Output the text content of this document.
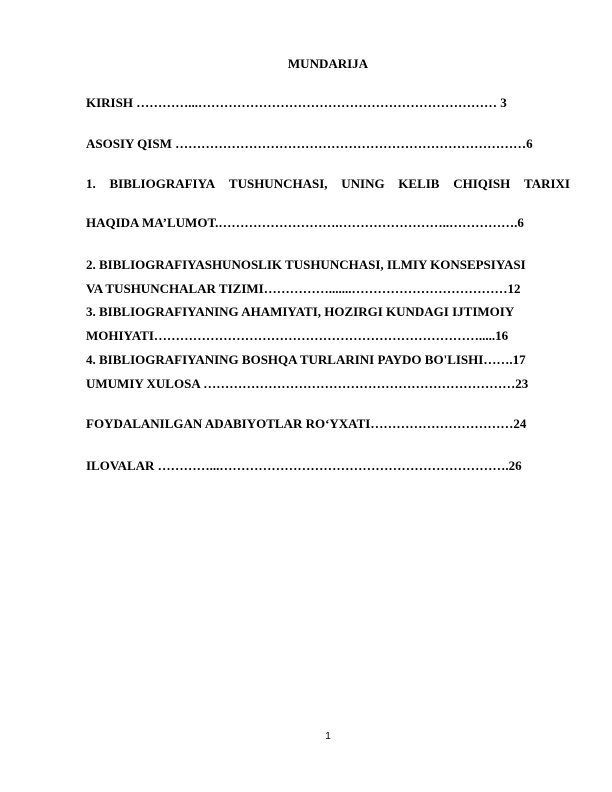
MUNDARIJA
KIRISH …………...…………………………………………………………… 3
ASOSIY QISM ………………………………………………………………………6
1. BIBLIOGRAFIYA TUSHUNCHASI, UNING KELIB CHIQISH TARIXI
HAQIDA MA’LUMOT.……………………….……………………..…………….6
2. BIBLIOGRAFIYASHUNOSLIK TUSHUNCHASI, ILMIY KONSEPSIYASI
VA TUSHUNCHALAR TIZIMI…………….......………………………………12
3. BIBLIOGRAFIYANING AHAMIYATI, HOZIRGI KUNDAGI IJTIMOIY
MOHIYATI………………………………………………………………….....16
4. BIBLIOGRAFIYANING BOSHQA TURLARINI PAYDO BO'LISHI…….17
UMUMIY XULOSA ………………………………………………………………23
FOYDALANILGAN ADABIYOTLAR RO‘YXATI……………………………24
ILOVALAR …………...………………………………………………………….26
1
